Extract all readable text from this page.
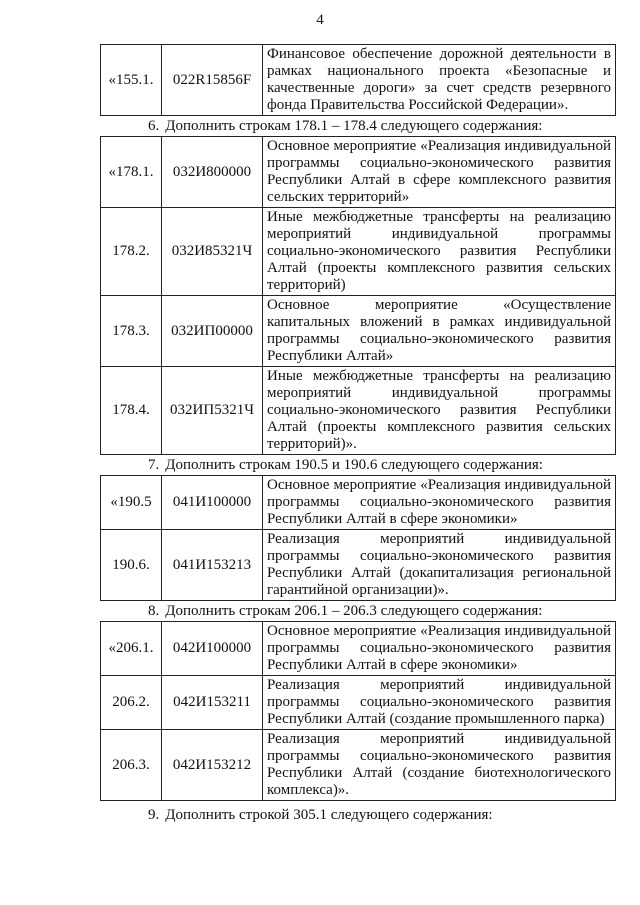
4
«155.1.	022R15856F	Финансовое обеспечение дорожной деятельности в рамках национального проекта «Безопасные и качественные дороги» за счет средств резервного фонда Правительства Российской Федерации».
6. Дополнить строкам 178.1 – 178.4 следующего содержания:
«178.1.	032И800000	Основное мероприятие «Реализация индивидуальной программы социально-экономического развития Республики Алтай в сфере комплексного развития сельских территорий»
178.2.	032И85321Ч	Иные межбюджетные трансферты на реализацию мероприятий индивидуальной программы социально-экономического развития Республики Алтай (проекты комплексного развития сельских территорий)
178.3.	032ИП00000	Основное мероприятие «Осуществление капитальных вложений в рамках индивидуальной программы социально-экономического развития Республики Алтай»
178.4.	032ИП5321Ч	Иные межбюджетные трансферты на реализацию мероприятий индивидуальной программы социально-экономического развития Республики Алтай (проекты комплексного развития сельских территорий)».
7. Дополнить строкам 190.5 и 190.6 следующего содержания:
«190.5	041И100000	Основное мероприятие «Реализация индивидуальной программы социально-экономического развития Республики Алтай в сфере экономики»
190.6.	041И153213	Реализация мероприятий индивидуальной программы социально-экономического развития Республики Алтай (докапитализация региональной гарантийной организации)».
8. Дополнить строкам 206.1 – 206.3 следующего содержания:
«206.1.	042И100000	Основное мероприятие «Реализация индивидуальной программы социально-экономического развития Республики Алтай в сфере экономики»
206.2.	042И153211	Реализация мероприятий индивидуальной программы социально-экономического развития Республики Алтай (создание промышленного парка)
206.3.	042И153212	Реализация мероприятий индивидуальной программы социально-экономического развития Республики Алтай (создание биотехнологического комплекса)».
9. Дополнить строкой 305.1 следующего содержания:
